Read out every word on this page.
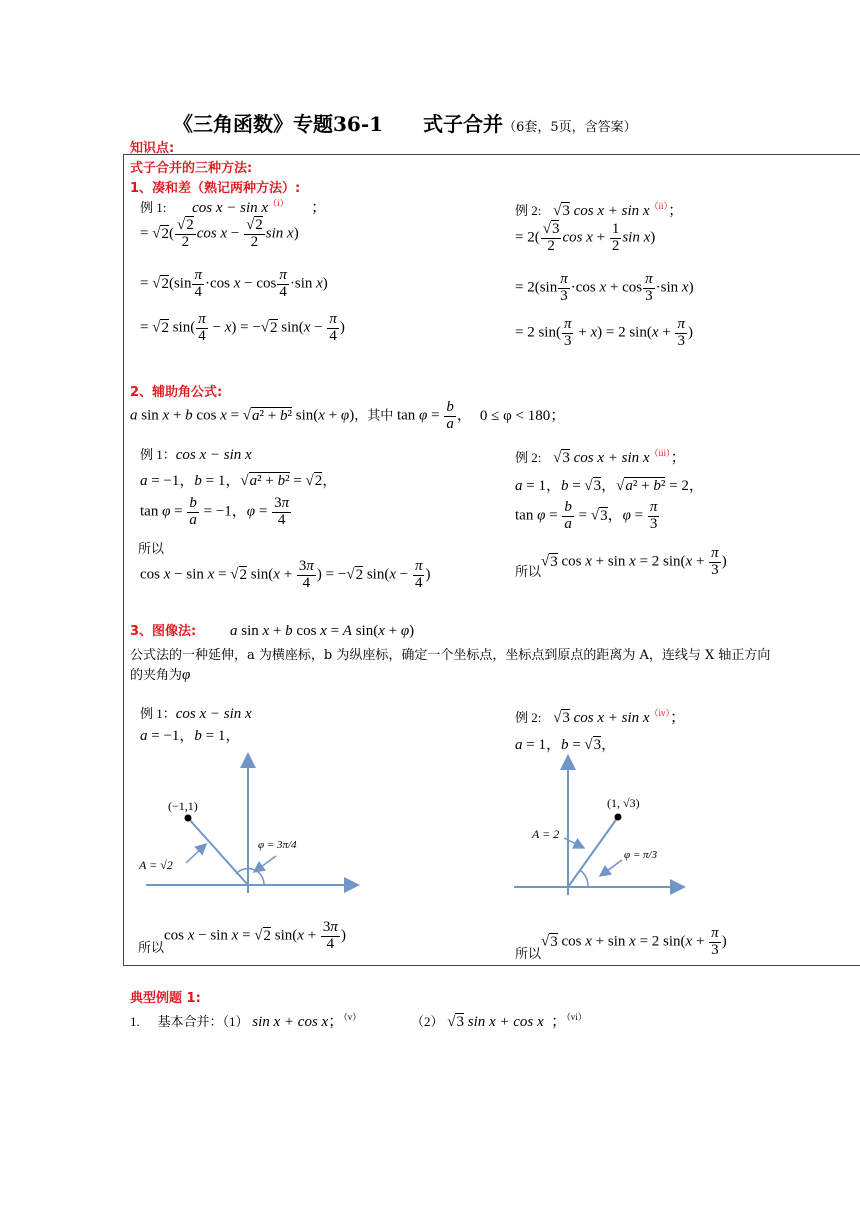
《三角函数》专题36-1　　式子合并（6套，5页，含答案）
知识点:
式子合并的三种方法:
1、凑和差（熟记两种方法）:
例 1: cos x − sin x$^{(i)}$      ；
= $√2( \frac{√2}{2}$ $\cos x - \frac{√2}{2}$ sin x)
= $√2(\sin \frac{\pi}{4} \cdot\cos$ $x - \cos \frac{\pi}{4} \cdot\sin$ x)
= √2 $\sin( \frac{\pi}{4} - x) = -√2$ $\sin(x - \frac{\pi}{4}$ )
例 2: √3 cos x + sin x$^{(ii)}$；
= $2( \frac{√3}{2}$ $\cos x + \frac{1}{2}$ sin x)
= $2(\sin \frac{\pi}{3} \cdot\cos$ $x + \cos \frac{\pi}{3} \cdot\sin$ x)
= 2 $\sin( \frac{\pi}{3} + x) = 2$ $\sin(x + \frac{\pi}{3}$ )
2、辅助角公式:
a sin x + b cos x = √a² + b² sin(x + φ)，其中 $\tan \varphi = \frac{b}{a}$ ， 0 ≤ φ < 180；
例 1：cos x − sin x
a = −1，b = 1，√a² + b² = √2，
$\tan \varphi = \frac{b}{a} = -1$，$\varphi = \frac{3\pi}{4}$
所以
cos x − sin x = √2 $\sin(x + \frac{3\pi}{4}$ ) = −√2 $\sin(x - \frac{\pi}{4}$ )
例 2: √3 cos x + sin x$^{(iii)}$；
a = 1，b = √3，√a² + b² = 2，
$\tan \varphi = \frac{b}{a} = √3$，$\varphi = \frac{\pi}{3}$
所以√3 cos x + sin x = 2 $\sin(x + \frac{\pi}{3}$ )
3、图像法: a sin x + b cos x = A sin(x + φ)
公式法的一种延伸，a 为横座标，b 为纵座标，确定一个坐标点，坐标点到原点的距离为 A，连线与 X 轴正方向
的夹角为φ
例 1：cos x − sin x
a = −1，b = 1，
例 2: √3 cos x + sin x$^{(iv)}$；
a = 1，b = √3，
(−1,1)
A = √2
φ = 3π/4
(1, √3)
A = 2
φ = π/3
所以cos x − sin x = √2 $\sin(x + \frac{3\pi}{4}$ )
所以√3 cos x + sin x = 2 $\sin(x + \frac{\pi}{3}$ )
典型例题 1:
1. 基本合并：（1） sin x + cos x；$^{(v)}$	（2） √3 sin x + cos x  ；$^{(vi)}$
